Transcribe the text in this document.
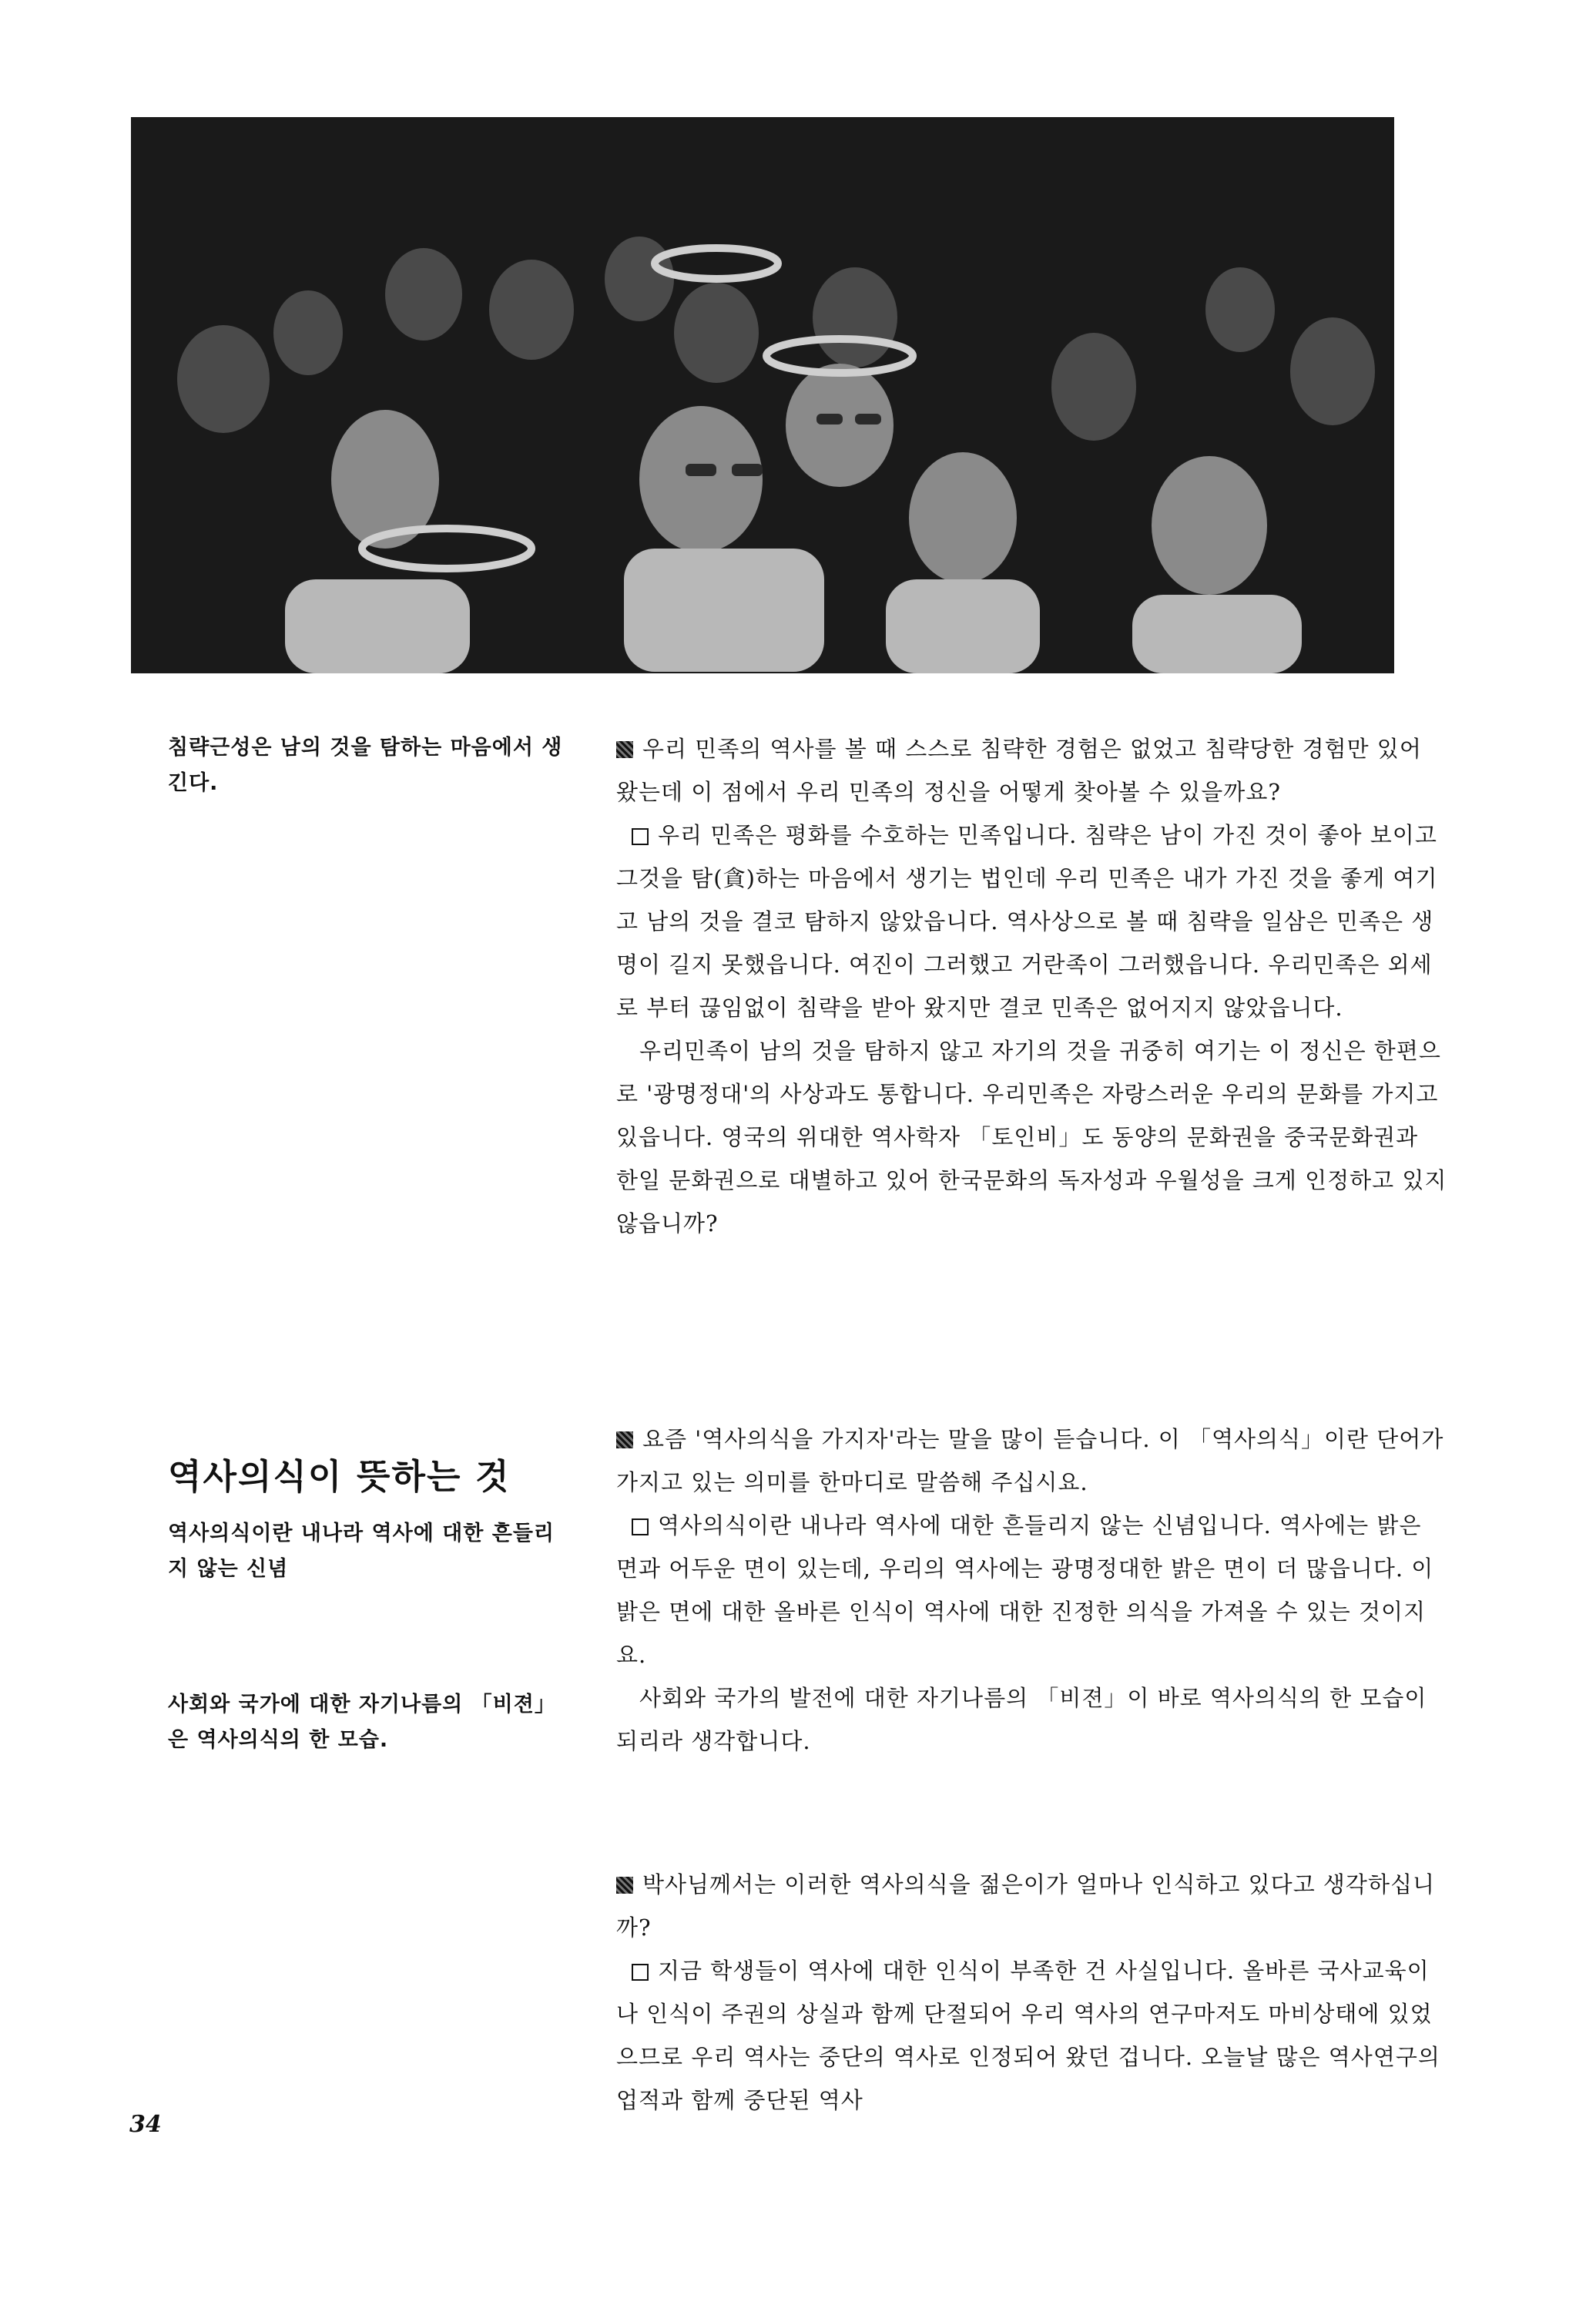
침략근성은 남의 것을 탐하는 마음에서 생긴다.
역사의식이 뜻하는 것
역사의식이란 내나라 역사에 대한 흔들리지 않는 신념
사회와 국가에 대한 자기나름의 「비젼」은 역사의식의 한 모습.

우리 민족의 역사를 볼 때 스스로 침략한 경험은 없었고 침략당한 경험만 있어 왔는데 이 점에서 우리 민족의 정신을 어떻게 찾아볼 수 있을까요?

우리 민족은 평화를 수호하는 민족입니다. 침략은 남이 가진 것이 좋아 보이고 그것을 탐(貪)하는 마음에서 생기는 법인데 우리 민족은 내가 가진 것을 좋게 여기고 남의 것을 결코 탐하지 않았읍니다. 역사상으로 볼 때 침략을 일삼은 민족은 생명이 길지 못했읍니다. 여진이 그러했고 거란족이 그러했읍니다. 우리민족은 외세로 부터 끊임없이 침략을 받아 왔지만 결코 민족은 없어지지 않았읍니다.

우리민족이 남의 것을 탐하지 않고 자기의 것을 귀중히 여기는 이 정신은 한편으로 '광명정대'의 사상과도 통합니다. 우리민족은 자랑스러운 우리의 문화를 가지고 있읍니다. 영국의 위대한 역사학자 「토인비」도 동양의 문화권을 중국문화권과 한일 문화권으로 대별하고 있어 한국문화의 독자성과 우월성을 크게 인정하고 있지 않읍니까?

요즘 '역사의식을 가지자'라는 말을 많이 듣습니다. 이 「역사의식」이란 단어가 가지고 있는 의미를 한마디로 말씀해 주십시요.

역사의식이란 내나라 역사에 대한 흔들리지 않는 신념입니다. 역사에는 밝은 면과 어두운 면이 있는데, 우리의 역사에는 광명정대한 밝은 면이 더 많읍니다. 이 밝은 면에 대한 올바른 인식이 역사에 대한 진정한 의식을 가져올 수 있는 것이지요.

사회와 국가의 발전에 대한 자기나름의 「비젼」이 바로 역사의식의 한 모습이 되리라 생각합니다.

박사님께서는 이러한 역사의식을 젊은이가 얼마나 인식하고 있다고 생각하십니까?

지금 학생들이 역사에 대한 인식이 부족한 건 사실입니다. 올바른 국사교육이나 인식이 주권의 상실과 함께 단절되어 우리 역사의 연구마저도 마비상태에 있었으므로 우리 역사는 중단의 역사로 인정되어 왔던 겁니다. 오늘날 많은 역사연구의 업적과 함께 중단된 역사

34
